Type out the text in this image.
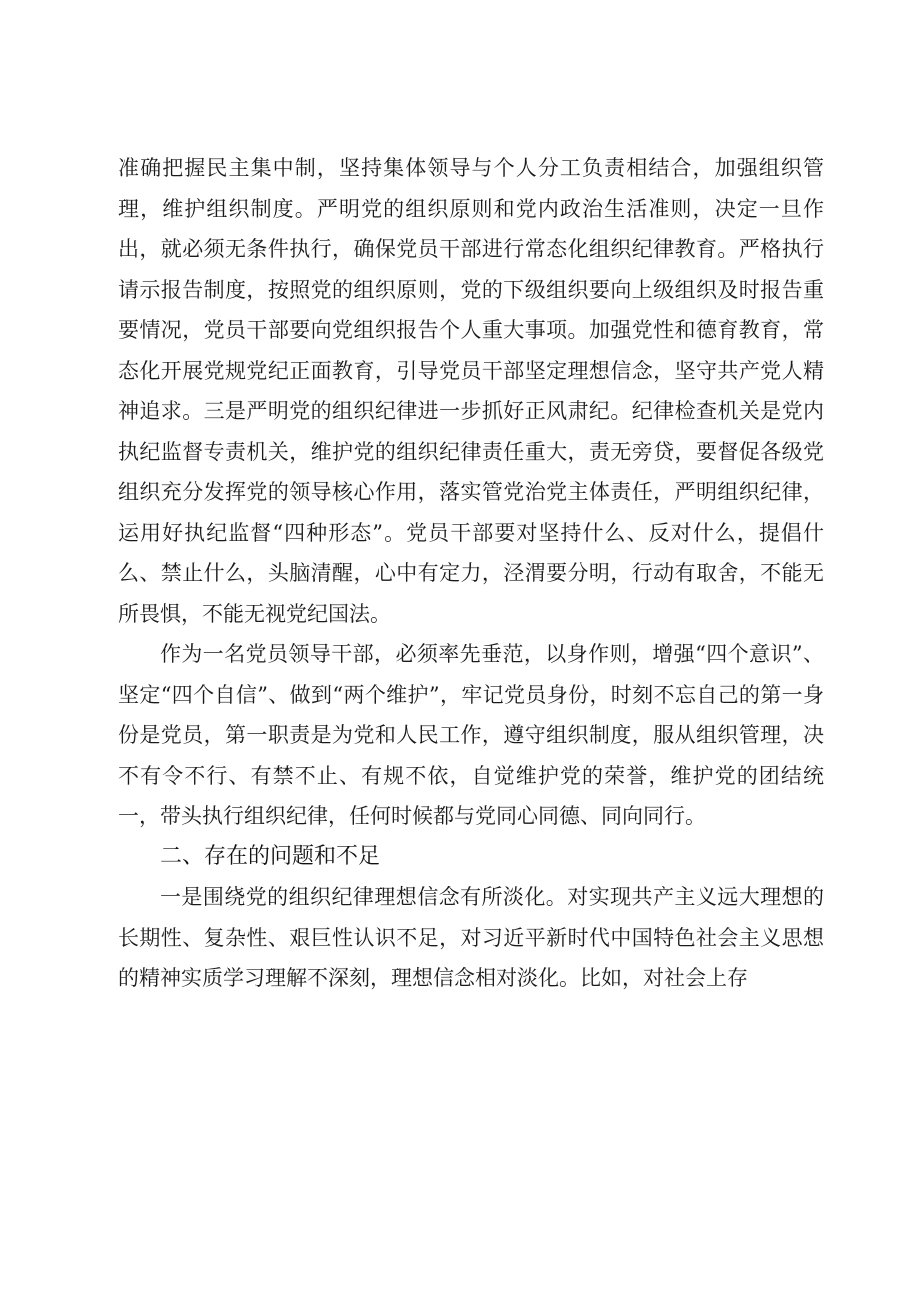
准确把握民主集中制，坚持集体领导与个人分工负责相结合，加强组织管理，维护组织制度。严明党的组织原则和党内政治生活准则，决定一旦作出，就必须无条件执行，确保党员干部进行常态化组织纪律教育。严格执行请示报告制度，按照党的组织原则，党的下级组织要向上级组织及时报告重要情况，党员干部要向党组织报告个人重大事项。加强党性和德育教育，常态化开展党规党纪正面教育，引导党员干部坚定理想信念，坚守共产党人精神追求。三是严明党的组织纪律进一步抓好正风肃纪。纪律检查机关是党内执纪监督专责机关，维护党的组织纪律责任重大，责无旁贷，要督促各级党组织充分发挥党的领导核心作用，落实管党治党主体责任，严明组织纪律，运用好执纪监督“四种形态”。党员干部要对坚持什么、反对什么，提倡什么、禁止什么，头脑清醒，心中有定力，泾渭要分明，行动有取舍，不能无所畏惧，不能无视党纪国法。

作为一名党员领导干部，必须率先垂范，以身作则，增强“四个意识”、坚定“四个自信”、做到“两个维护”，牢记党员身份，时刻不忘自己的第一身份是党员，第一职责是为党和人民工作，遵守组织制度，服从组织管理，决不有令不行、有禁不止、有规不依，自觉维护党的荣誉，维护党的团结统一，带头执行组织纪律，任何时候都与党同心同德、同向同行。

二、存在的问题和不足

一是围绕党的组织纪律理想信念有所淡化。对实现共产主义远大理想的长期性、复杂性、艰巨性认识不足，对习近平新时代中国特色社会主义思想的精神实质学习理解不深刻，理想信念相对淡化。比如，对社会上存
